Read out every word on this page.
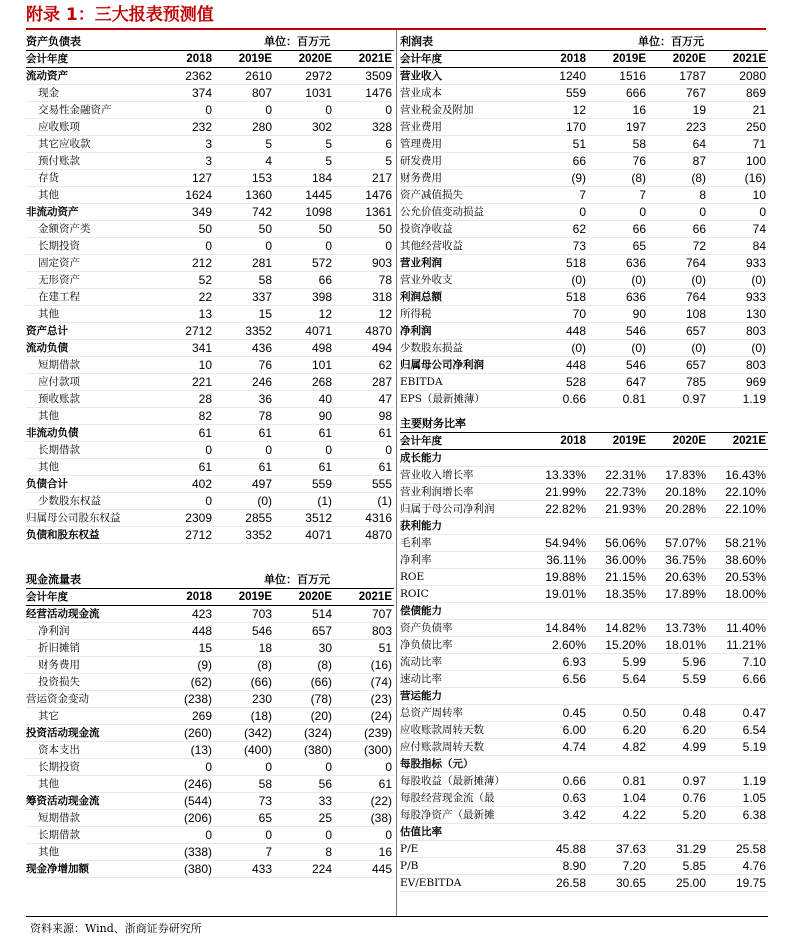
附录 1：三大报表预测值
资产负债表	单位：百万元			
会计年度	2018	2019E	2020E	2021E
流动资产	2362	2610	2972	3509
现金	374	807	1031	1476
交易性金融资产	0	0	0	0
应收账项	232	280	302	328
其它应收款	3	5	5	6
预付账款	3	4	5	5
存货	127	153	184	217
其他	1624	1360	1445	1476
非流动资产	349	742	1098	1361
金额资产类	50	50	50	50
长期投资	0	0	0	0
固定资产	212	281	572	903
无形资产	52	58	66	78
在建工程	22	337	398	318
其他	13	15	12	12
资产总计	2712	3352	4071	4870
流动负债	341	436	498	494
短期借款	10	76	101	62
应付款项	221	246	268	287
预收账款	28	36	40	47
其他	82	78	90	98
非流动负债	61	61	61	61
长期借款	0	0	0	0
其他	61	61	61	61
负债合计	402	497	559	555
少数股东权益	0	(0)	(1)	(1)
归属母公司股东权益	2309	2855	3512	4316
负债和股东权益	2712	3352	4071	4870
现金流量表	单位：百万元			
会计年度	2018	2019E	2020E	2021E
经营活动现金流	423	703	514	707
净利润	448	546	657	803
折旧摊销	15	18	30	51
财务费用	(9)	(8)	(8)	(16)
投资损失	(62)	(66)	(66)	(74)
营运资金变动	(238)	230	(78)	(23)
其它	269	(18)	(20)	(24)
投资活动现金流	(260)	(342)	(324)	(239)
资本支出	(13)	(400)	(380)	(300)
长期投资	0	0	0	0
其他	(246)	58	56	61
筹资活动现金流	(544)	73	33	(22)
短期借款	(206)	65	25	(38)
长期借款	0	0	0	0
其他	(338)	7	8	16
现金净增加额	(380)	433	224	445
利润表	单位：百万元			
会计年度	2018	2019E	2020E	2021E
营业收入	1240	1516	1787	2080
营业成本	559	666	767	869
营业税金及附加	12	16	19	21
营业费用	170	197	223	250
管理费用	51	58	64	71
研发费用	66	76	87	100
财务费用	(9)	(8)	(8)	(16)
资产减值损失	7	7	8	10
公允价值变动损益	0	0	0	0
投资净收益	62	66	66	74
其他经营收益	73	65	72	84
营业利润	518	636	764	933
营业外收支	(0)	(0)	(0)	(0)
利润总额	518	636	764	933
所得税	70	90	108	130
净利润	448	546	657	803
少数股东损益	(0)	(0)	(0)	(0)
归属母公司净利润	448	546	657	803
EBITDA	528	647	785	969
EPS（最新摊薄）	0.66	0.81	0.97	1.19
主要财务比率				
会计年度	2018	2019E	2020E	2021E
成长能力				
营业收入增长率	13.33%	22.31%	17.83%	16.43%
营业利润增长率	21.99%	22.73%	20.18%	22.10%
归属于母公司净利润	22.82%	21.93%	20.28%	22.10%
获利能力				
毛利率	54.94%	56.06%	57.07%	58.21%
净利率	36.11%	36.00%	36.75%	38.60%
ROE	19.88%	21.15%	20.63%	20.53%
ROIC	19.01%	18.35%	17.89%	18.00%
偿债能力				
资产负债率	14.84%	14.82%	13.73%	11.40%
净负债比率	2.60%	15.20%	18.01%	11.21%
流动比率	6.93	5.99	5.96	7.10
速动比率	6.56	5.64	5.59	6.66
营运能力				
总资产周转率	0.45	0.50	0.48	0.47
应收账款周转天数	6.00	6.20	6.20	6.54
应付账款周转天数	4.74	4.82	4.99	5.19
每股指标（元）				
每股收益（最新摊薄）	0.66	0.81	0.97	1.19
每股经营现金流（最	0.63	1.04	0.76	1.05
每股净资产（最新摊	3.42	4.22	5.20	6.38
估值比率				
P/E	45.88	37.63	31.29	25.58
P/B	8.90	7.20	5.85	4.76
EV/EBITDA	26.58	30.65	25.00	19.75
资料来源：Wind、浙商证券研究所
